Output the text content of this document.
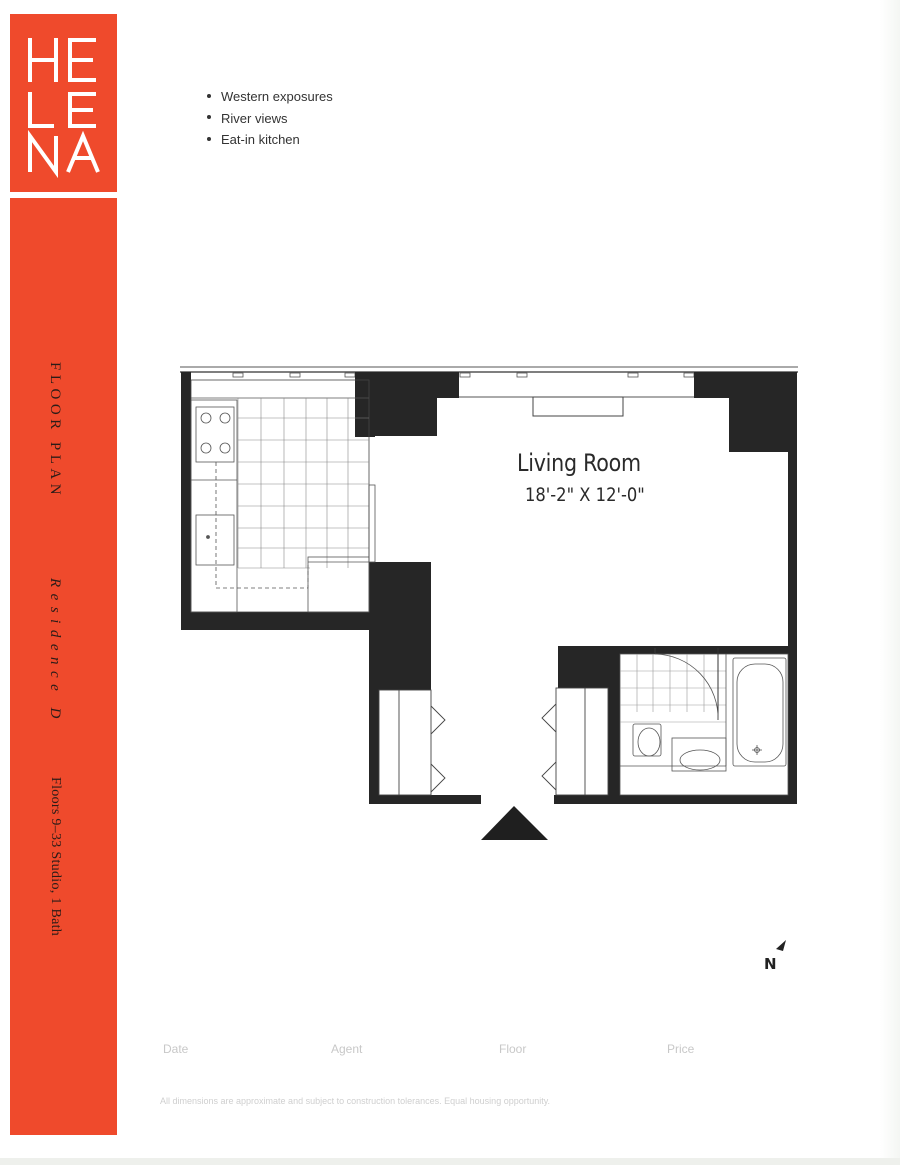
FLOOR PLAN
Residence D
Floors 9–33 Studio, 1 Bath
Western exposures
River views
Eat-in kitchen
Living Room
18'-2" X 12'-0"
N
Date	Agent	Floor	Price
All dimensions are approximate and subject to construction tolerances. Equal housing opportunity.
